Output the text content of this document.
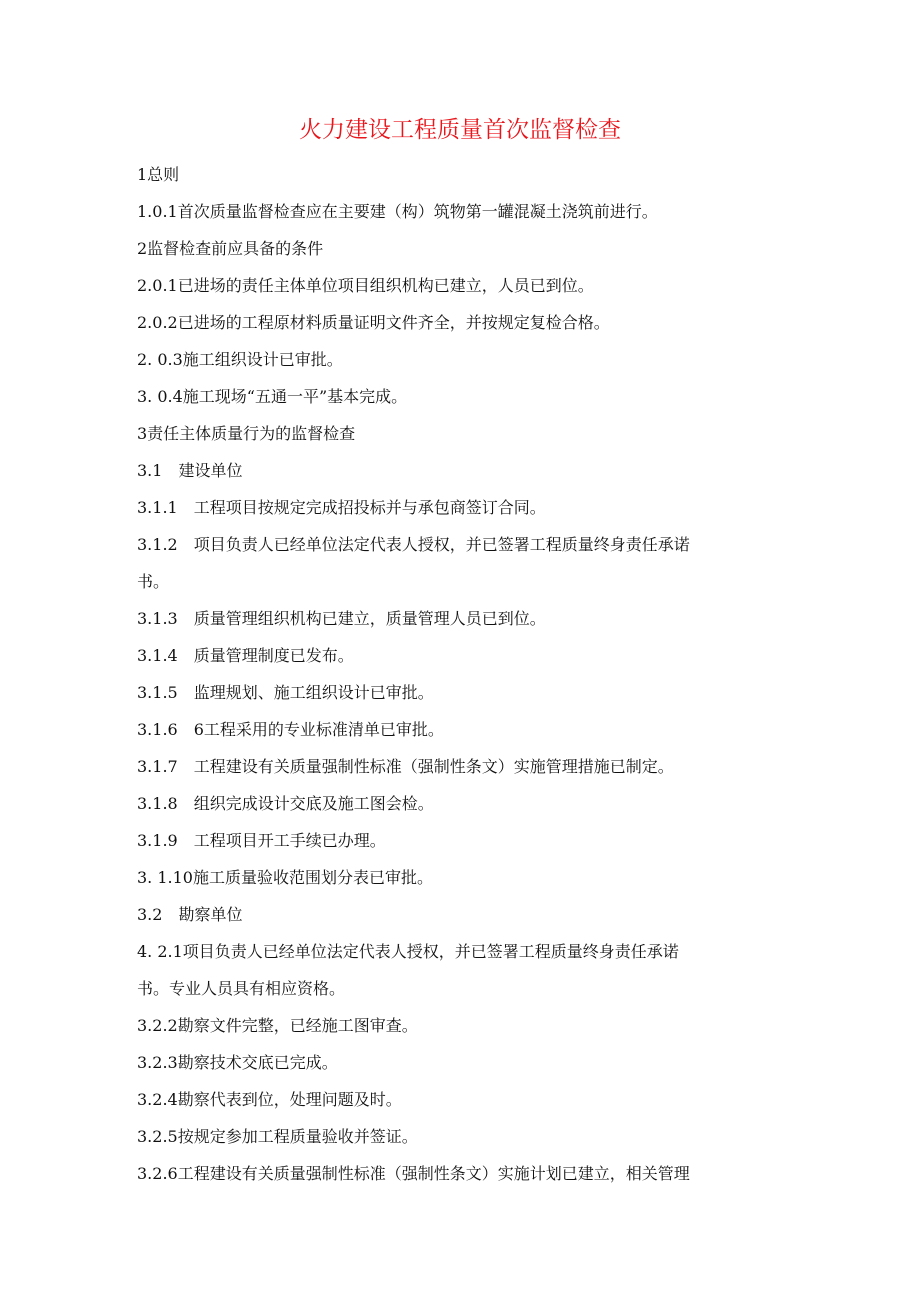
火力建设工程质量首次监督检查

1总则

1.0.1首次质量监督检查应在主要建（构）筑物第一罐混凝土浇筑前进行。

2监督检查前应具备的条件

2.0.1已进场的责任主体单位项目组织机构已建立，人员已到位。

2.0.2已进场的工程原材料质量证明文件齐全，并按规定复检合格。

2. 0.3施工组织设计已审批。

3. 0.4施工现场“五通一平”基本完成。

3责任主体质量行为的监督检查

3.1　建设单位

3.1.1　工程项目按规定完成招投标并与承包商签订合同。

3.1.2　项目负责人已经单位法定代表人授权，并已签署工程质量终身责任承诺

书。

3.1.3　质量管理组织机构已建立，质量管理人员已到位。

3.1.4　质量管理制度已发布。

3.1.5　监理规划、施工组织设计已审批。

3.1.6　6工程采用的专业标准清单已审批。

3.1.7　工程建设有关质量强制性标准（强制性条文）实施管理措施已制定。

3.1.8　组织完成设计交底及施工图会检。

3.1.9　工程项目开工手续已办理。

3. 1.10施工质量验收范围划分表已审批。

3.2　勘察单位

4. 2.1项目负责人已经单位法定代表人授权，并已签署工程质量终身责任承诺

书。专业人员具有相应资格。

3.2.2勘察文件完整，已经施工图审查。

3.2.3勘察技术交底已完成。

3.2.4勘察代表到位，处理问题及时。

3.2.5按规定参加工程质量验收并签证。

3.2.6工程建设有关质量强制性标准（强制性条文）实施计划已建立，相关管理
